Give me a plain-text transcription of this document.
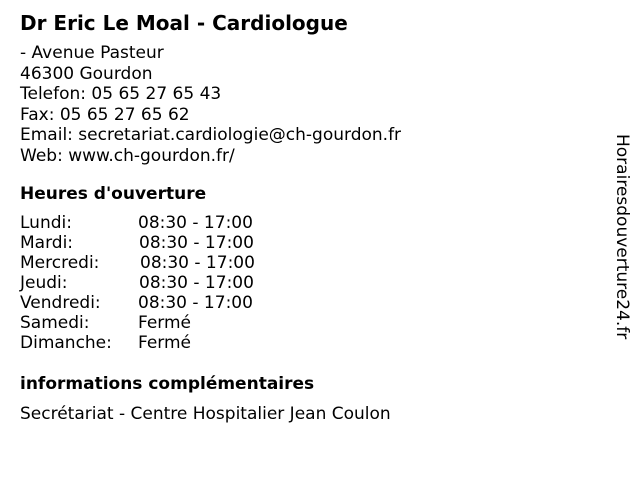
Dr Eric Le Moal - Cardiologue
- Avenue Pasteur
46300 Gourdon
Telefon: 05 65 27 65 43
Fax: 05 65 27 65 62
Email: secretariat.cardiologie@ch-gourdon.fr
Web: www.ch-gourdon.fr/
Heures d'ouverture
Lundi:	08:30 - 17:00
Mardi:	08:30 - 17:00
Mercredi: 08:30 - 17:00
Jeudi:	08:30 - 17:00
Vendredi: 08:30 - 17:00
Samedi:	Fermé
Dimanche: Fermé
informations complémentaires
Secrétariat - Centre Hospitalier Jean Coulon
Horairesdouverture24.fr
